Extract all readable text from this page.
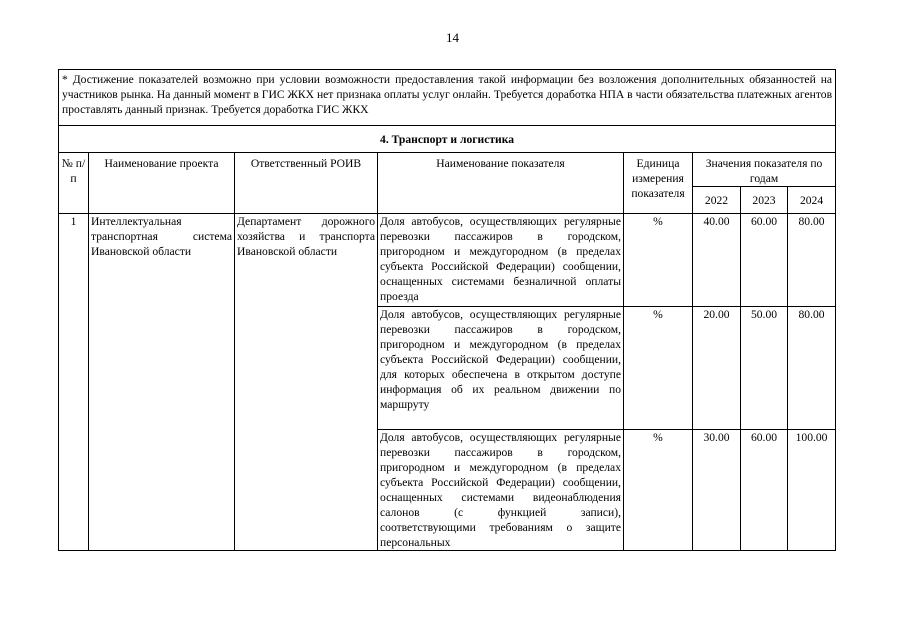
14
* Достижение показателей возможно при условии возможности предоставления такой информации без возложения дополнительных обязанностей на участников рынка. На данный момент в ГИС ЖКХ нет признака оплаты услуг онлайн. Требуется доработка НПА в части обязательства платежных агентов проставлять данный признак. Требуется доработка ГИС ЖКХ							
4. Транспорт и логистика							
№ п/п	Наименование проекта	Ответственный РОИВ	Наименование показателя	Единица измерения показателя	Значения показателя по годам		
					2022	2023	2024
1	Интеллектуальная транспортная система Ивановской области	Департамент дорожного хозяйства и транспорта Ивановской области	Доля автобусов, осуществляющих регулярные перевозки пассажиров в городском, пригородном и междугородном (в пределах субъекта Российской Федерации) сообщении, оснащенных системами безналичной оплаты проезда	%	40.00	60.00	80.00
			Доля автобусов, осуществляющих регулярные перевозки пассажиров в городском, пригородном и междугородном (в пределах субъекта Российской Федерации) сообщении, для которых обеспечена в открытом доступе информация об их реальном движении по маршруту	%	20.00	50.00	80.00
			Доля автобусов, осуществляющих регулярные перевозки пассажиров в городском, пригородном и междугородном (в пределах субъекта Российской Федерации) сообщении, оснащенных системами видеонаблюдения салонов (с функцией записи), соответствующими требованиям о защите персональных	%	30.00	60.00	100.00
